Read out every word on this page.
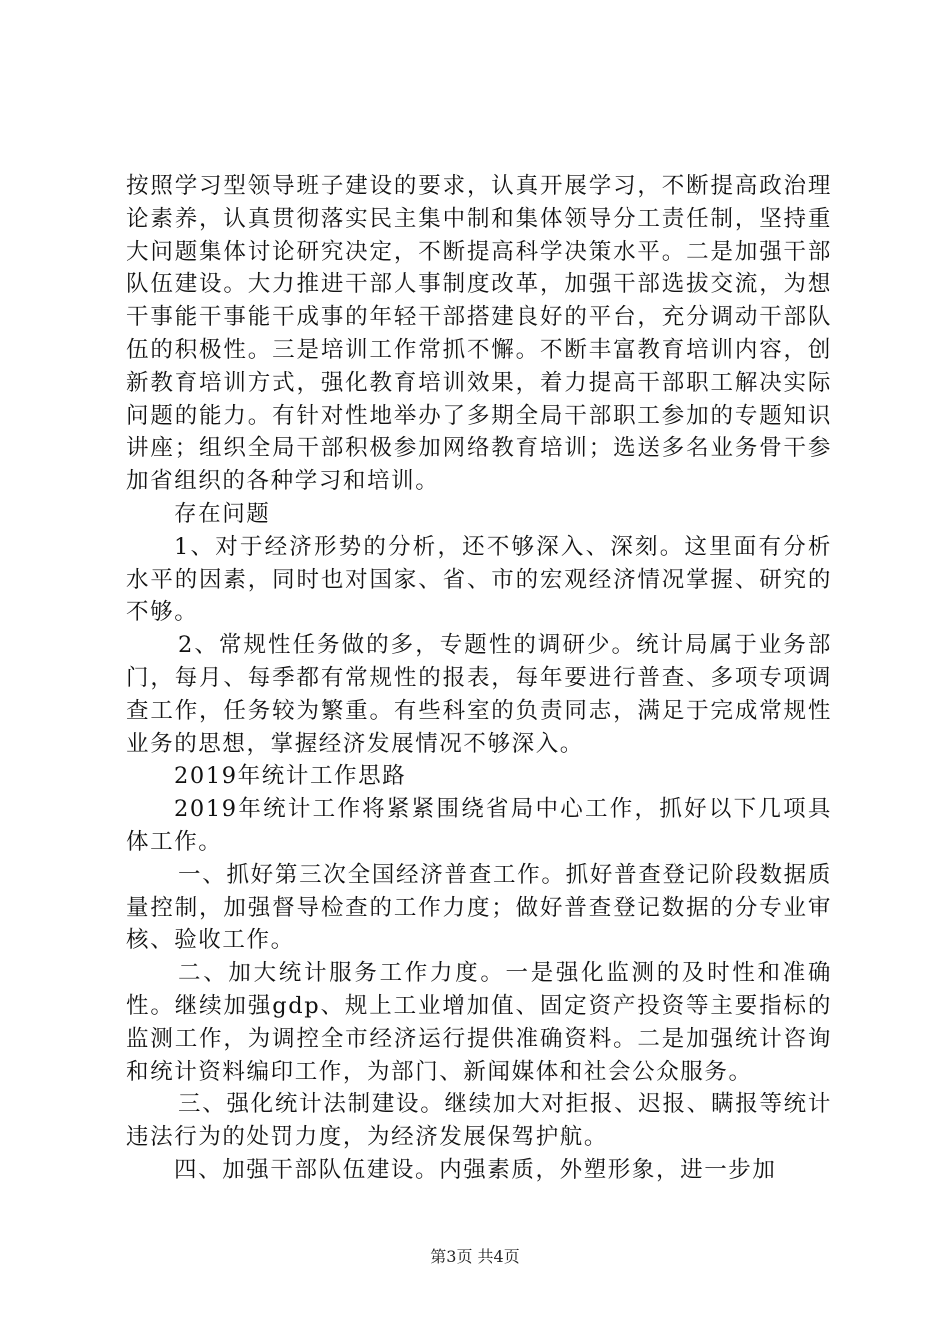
按照学习型领导班子建设的要求，认真开展学习，不断提高政治理论素养，认真贯彻落实民主集中制和集体领导分工责任制，坚持重大问题集体讨论研究决定，不断提高科学决策水平。二是加强干部队伍建设。大力推进干部人事制度改革，加强干部选拔交流，为想干事能干事能干成事的年轻干部搭建良好的平台，充分调动干部队伍的积极性。三是培训工作常抓不懈。不断丰富教育培训内容，创新教育培训方式，强化教育培训效果，着力提高干部职工解决实际问题的能力。有针对性地举办了多期全局干部职工参加的专题知识讲座；组织全局干部积极参加网络教育培训；选送多名业务骨干参加省组织的各种学习和培训。

存在问题

1、对于经济形势的分析，还不够深入、深刻。这里面有分析水平的因素，同时也对国家、省、市的宏观经济情况掌握、研究的不够。

2、常规性任务做的多，专题性的调研少。统计局属于业务部门，每月、每季都有常规性的报表，每年要进行普查、多项专项调查工作，任务较为繁重。有些科室的负责同志，满足于完成常规性业务的思想，掌握经济发展情况不够深入。

2019年统计工作思路

2019年统计工作将紧紧围绕省局中心工作，抓好以下几项具体工作。

一、抓好第三次全国经济普查工作。抓好普查登记阶段数据质量控制，加强督导检查的工作力度；做好普查登记数据的分专业审核、验收工作。

二、加大统计服务工作力度。一是强化监测的及时性和准确性。继续加强gdp、规上工业增加值、固定资产投资等主要指标的监测工作，为调控全市经济运行提供准确资料。二是加强统计咨询和统计资料编印工作，为部门、新闻媒体和社会公众服务。

三、强化统计法制建设。继续加大对拒报、迟报、瞒报等统计违法行为的处罚力度，为经济发展保驾护航。

四、加强干部队伍建设。内强素质，外塑形象，进一步加

第3页 共4页
